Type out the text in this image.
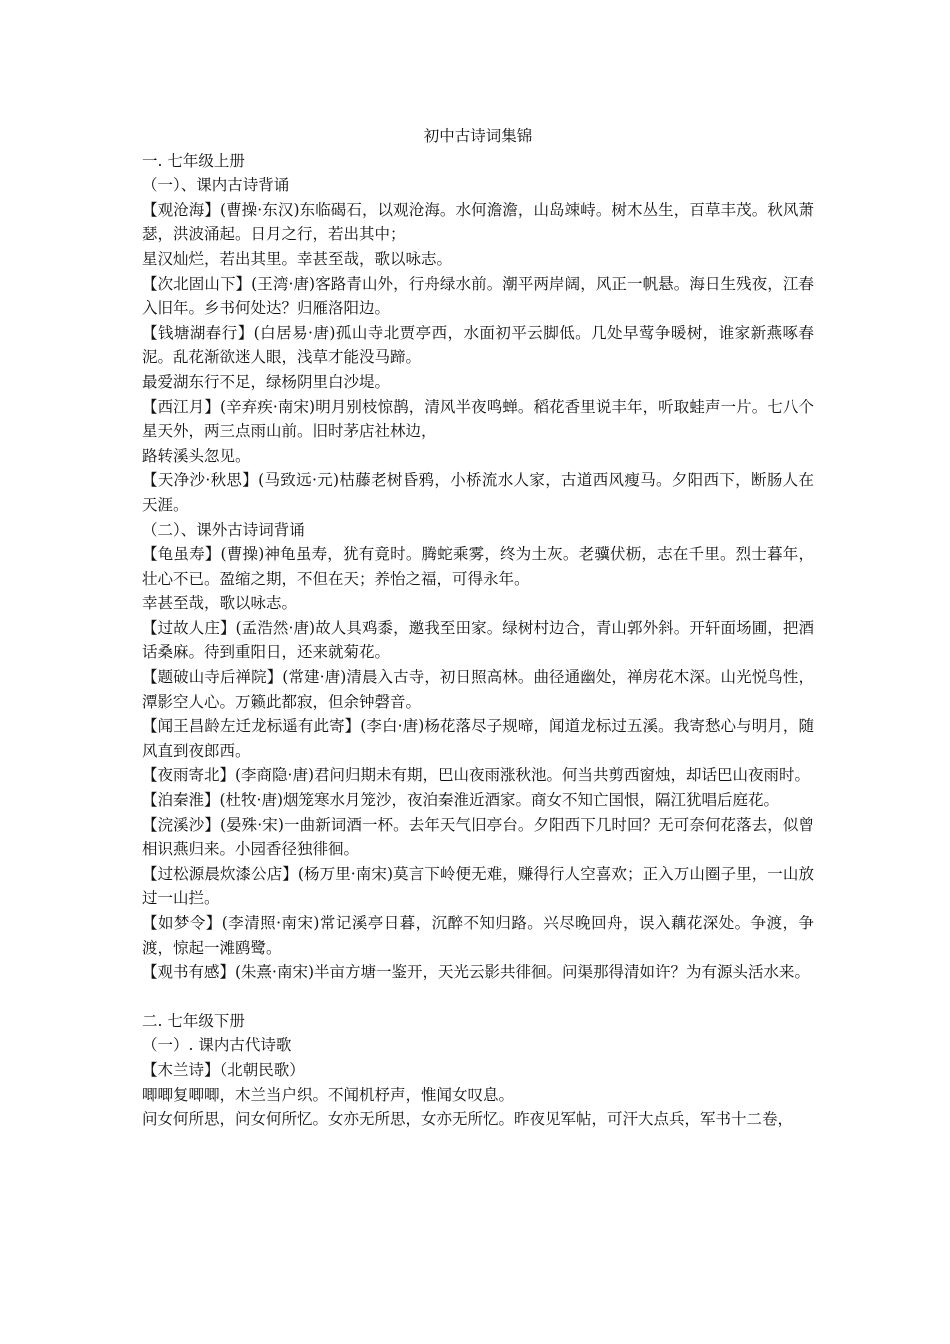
初中古诗词集锦

一. 七年级上册

（一）、课内古诗背诵

【观沧海】(曹操·东汉)东临碣石，以观沧海。水何澹澹，山岛竦峙。树木丛生，百草丰茂。秋风萧瑟，洪波涌起。日月之行，若出其中；

星汉灿烂，若出其里。幸甚至哉，歌以咏志。

【次北固山下】(王湾·唐)客路青山外，行舟绿水前。潮平两岸阔，风正一帆悬。海日生残夜，江春入旧年。乡书何处达？归雁洛阳边。

【钱塘湖春行】(白居易·唐)孤山寺北贾亭西，水面初平云脚低。几处早莺争暖树，谁家新燕啄春泥。乱花渐欲迷人眼，浅草才能没马蹄。

最爱湖东行不足，绿杨阴里白沙堤。

【西江月】(辛弃疾·南宋)明月别枝惊鹊，清风半夜鸣蝉。稻花香里说丰年，听取蛙声一片。七八个星天外，两三点雨山前。旧时茅店社林边，

路转溪头忽见。

【天净沙·秋思】(马致远·元)枯藤老树昏鸦，小桥流水人家，古道西风瘦马。夕阳西下，断肠人在天涯。

（二）、课外古诗词背诵

【龟虽寿】(曹操)神龟虽寿，犹有竟时。腾蛇乘雾，终为土灰。老骥伏枥，志在千里。烈士暮年，壮心不已。盈缩之期，不但在天；养怡之福，可得永年。

幸甚至哉，歌以咏志。

【过故人庄】(孟浩然·唐)故人具鸡黍，邀我至田家。绿树村边合，青山郭外斜。开轩面场圃，把酒话桑麻。待到重阳日，还来就菊花。

【题破山寺后禅院】(常建·唐)清晨入古寺，初日照高林。曲径通幽处，禅房花木深。山光悦鸟性，潭影空人心。万籁此都寂，但余钟磬音。

【闻王昌龄左迁龙标遥有此寄】(李白·唐)杨花落尽子规啼，闻道龙标过五溪。我寄愁心与明月，随风直到夜郎西。

【夜雨寄北】(李商隐·唐)君问归期未有期，巴山夜雨涨秋池。何当共剪西窗烛，却话巴山夜雨时。

【泊秦淮】(杜牧·唐)烟笼寒水月笼沙，夜泊秦淮近酒家。商女不知亡国恨，隔江犹唱后庭花。

【浣溪沙】(晏殊·宋)一曲新词酒一杯。去年天气旧亭台。夕阳西下几时回？无可奈何花落去，似曾相识燕归来。小园香径独徘徊。

【过松源晨炊漆公店】(杨万里·南宋)莫言下岭便无难，赚得行人空喜欢；正入万山圈子里，一山放过一山拦。

【如梦令】(李清照·南宋)常记溪亭日暮，沉醉不知归路。兴尽晚回舟，误入藕花深处。争渡，争渡，惊起一滩鸥鹭。

【观书有感】(朱熹·南宋)半亩方塘一鉴开，天光云影共徘徊。问渠那得清如许？为有源头活水来。

二. 七年级下册

（一）. 课内古代诗歌

【木兰诗】（北朝民歌）

唧唧复唧唧，木兰当户织。不闻机杼声，惟闻女叹息。

问女何所思，问女何所忆。女亦无所思，女亦无所忆。昨夜见军帖，可汗大点兵，军书十二卷，
